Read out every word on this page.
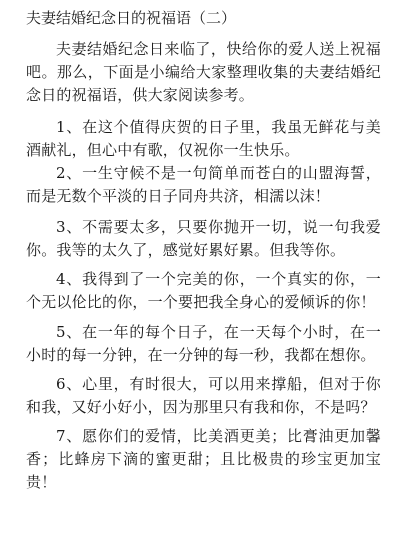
夫妻结婚纪念日的祝福语（二）
夫妻结婚纪念日来临了，快给你的爱人送上祝福吧。那么，下面是小编给大家整理收集的夫妻结婚纪念日的祝福语，供大家阅读参考。
1、在这个值得庆贺的日子里，我虽无鲜花与美酒献礼，但心中有歌，仅祝你一生快乐。
2、一生守候不是一句简单而苍白的山盟海誓，而是无数个平淡的日子同舟共济，相濡以沫！
3、不需要太多，只要你抛开一切，说一句我爱你。我等的太久了，感觉好累好累。但我等你。
4、我得到了一个完美的你，一个真实的你，一个无以伦比的你，一个要把我全身心的爱倾诉的你！
5、在一年的每个日子，在一天每个小时，在一小时的每一分钟，在一分钟的每一秒，我都在想你。
6、心里，有时很大，可以用来撑船，但对于你和我，又好小好小，因为那里只有我和你，不是吗？
7、愿你们的爱情，比美酒更美；比膏油更加馨香；比蜂房下滴的蜜更甜；且比极贵的珍宝更加宝贵！
